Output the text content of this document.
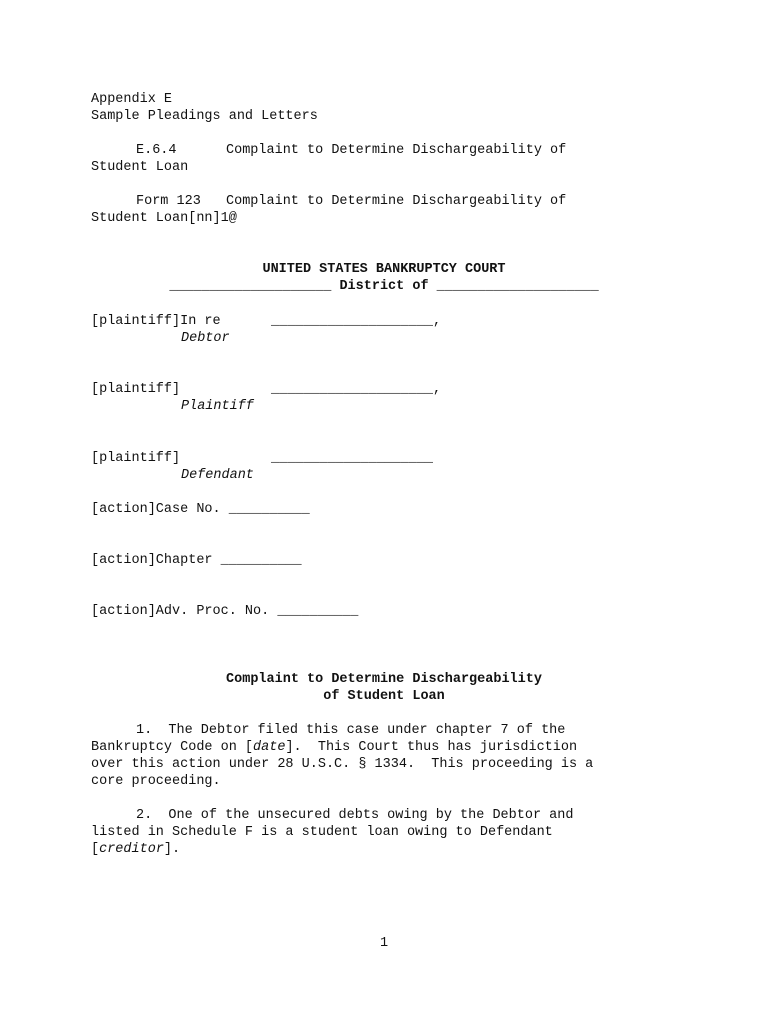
Appendix E
Sample Pleadings and Letters
E.6.4	Complaint to Determine Dischargeability of
Student Loan
Form 123 Complaint to Determine Dischargeability of
Student Loan[nn]1@
UNITED STATES BANKRUPTCY COURT
____________________ District of ____________________
[plaintiff]In re	____________________,
Debtor
[plaintiff]	____________________,
Plaintiff
[plaintiff]	____________________
Defendant
[action]Case No. __________
[action]Chapter __________
[action]Adv. Proc. No. __________
Complaint to Determine Dischargeability
of Student Loan
1.  The Debtor filed this case under chapter 7 of the
Bankruptcy Code on [date].  This Court thus has jurisdiction
over this action under 28 U.S.C. § 1334.  This proceeding is a
core proceeding.
2.  One of the unsecured debts owing by the Debtor and
listed in Schedule F is a student loan owing to Defendant
[creditor].
1
